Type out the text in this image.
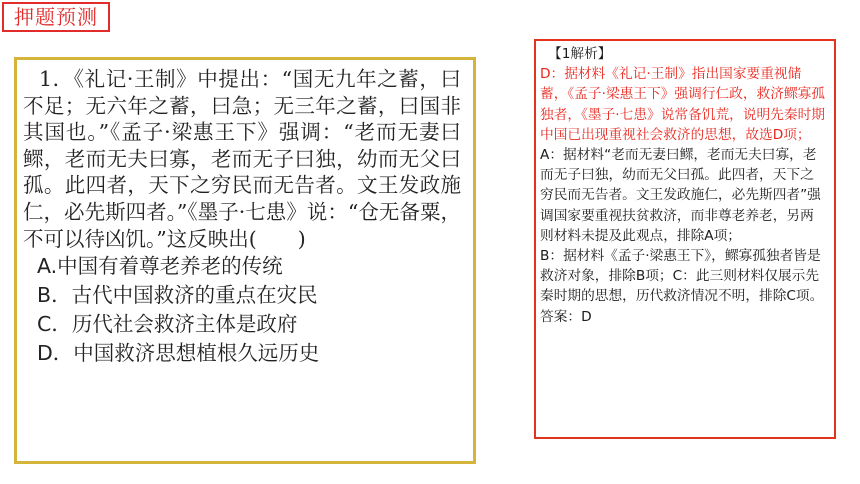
押题预测

1．《礼记·王制》中提出：“国无九年之蓄，曰不足；无六年之蓄，曰急；无三年之蓄，曰国非其国也。”《孟子·梁惠王下》强调：“老而无妻曰鳏，老而无夫曰寡，老而无子曰独，幼而无父曰孤。此四者，天下之穷民而无告者。文王发政施仁，必先斯四者。”《墨子·七患》说：“仓无备粟，不可以待凶饥。”这反映出(　　)

A.中国有着尊老养老的传统

B．古代中国救济的重点在灾民

C．历代社会救济主体是政府

D．中国救济思想植根久远历史

【1解析】

D：据材料《礼记·王制》指出国家要重视储蓄，《孟子·梁惠王下》强调行仁政，救济鳏寡孤独者，《墨子·七患》说常备饥荒，说明先秦时期中国已出现重视社会救济的思想，故选D项；

A：据材料“老而无妻曰鳏，老而无夫曰寡，老而无子曰独，幼而无父曰孤。此四者，天下之穷民而无告者。文王发政施仁，必先斯四者”强调国家要重视扶贫救济，而非尊老养老，另两则材料未提及此观点，排除A项；

B：据材料《孟子·梁惠王下》，鳏寡孤独者皆是救济对象，排除B项；C：此三则材料仅展示先秦时期的思想，历代救济情况不明，排除C项。

答案：D
